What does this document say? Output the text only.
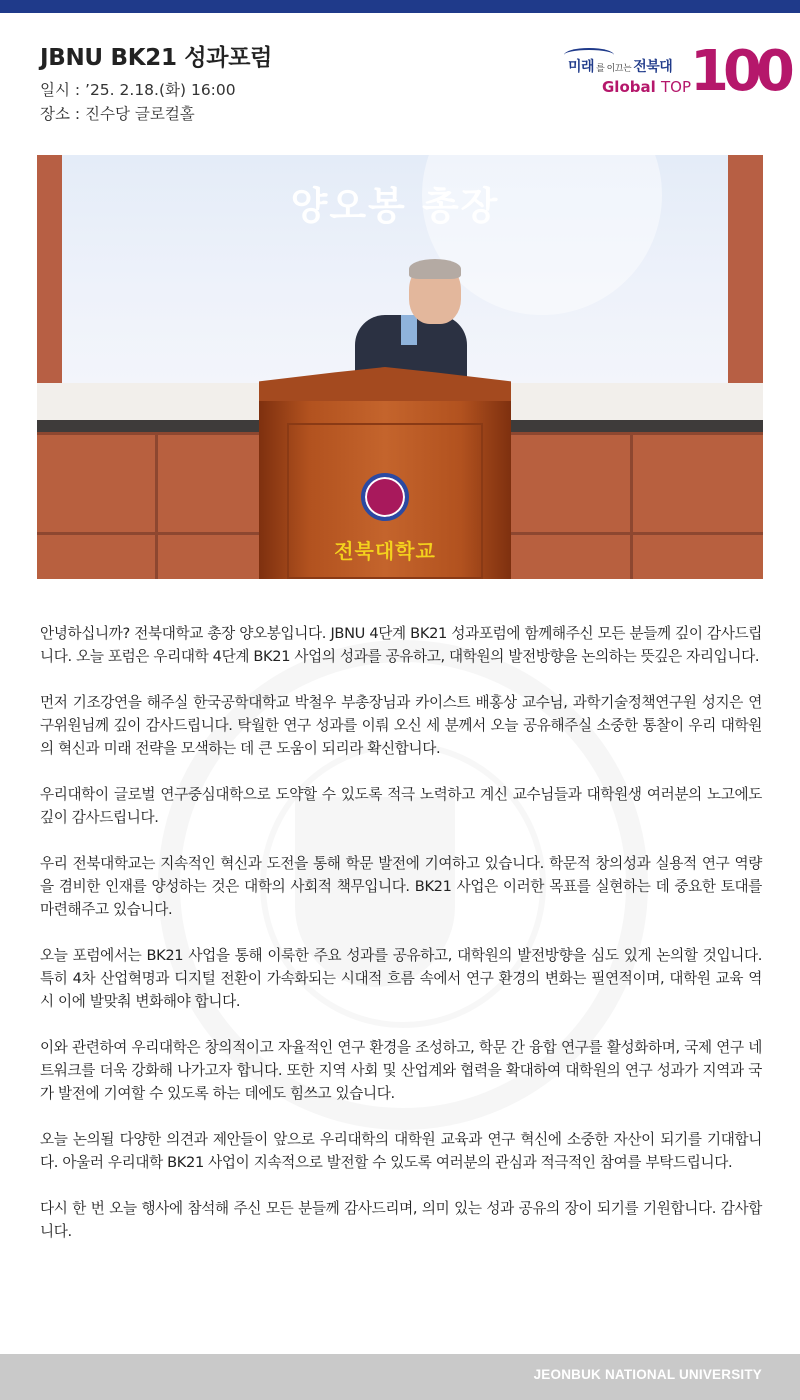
JBNU BK21 성과포럼
일시 : ’25. 2.18.(화) 16:00
장소 : 진수당 글로컬홀
미래 를 이끄는 전북대
Global TOP
100
양오봉 총장
전북대학교

안녕하십니까? 전북대학교 총장 양오봉입니다. JBNU 4단계 BK21 성과포럼에 함께해주신 모든 분들께 깊이 감사드립니다. 오늘 포럼은 우리대학 4단계 BK21 사업의 성과를 공유하고, 대학원의 발전방향을 논의하는 뜻깊은 자리입니다.

먼저 기조강연을 해주실 한국공학대학교 박철우 부총장님과 카이스트 배홍상 교수님, 과학기술정책연구원 성지은 연구위원님께 깊이 감사드립니다. 탁월한 연구 성과를 이뤄 오신 세 분께서 오늘 공유해주실 소중한 통찰이 우리 대학원의 혁신과 미래 전략을 모색하는 데 큰 도움이 되리라 확신합니다.

우리대학이 글로벌 연구중심대학으로 도약할 수 있도록 적극 노력하고 계신 교수님들과 대학원생 여러분의 노고에도 깊이 감사드립니다.

우리 전북대학교는 지속적인 혁신과 도전을 통해 학문 발전에 기여하고 있습니다. 학문적 창의성과 실용적 연구 역량을 겸비한 인재를 양성하는 것은 대학의 사회적 책무입니다. BK21 사업은 이러한 목표를 실현하는 데 중요한 토대를 마련해주고 있습니다.

오늘 포럼에서는 BK21 사업을 통해 이룩한 주요 성과를 공유하고, 대학원의 발전방향을 심도 있게 논의할 것입니다. 특히 4차 산업혁명과 디지털 전환이 가속화되는 시대적 흐름 속에서 연구 환경의 변화는 필연적이며, 대학원 교육 역시 이에 발맞춰 변화해야 합니다.

이와 관련하여 우리대학은 창의적이고 자율적인 연구 환경을 조성하고, 학문 간 융합 연구를 활성화하며, 국제 연구 네트워크를 더욱 강화해 나가고자 합니다. 또한 지역 사회 및 산업계와 협력을 확대하여 대학원의 연구 성과가 지역과 국가 발전에 기여할 수 있도록 하는 데에도 힘쓰고 있습니다.

오늘 논의될 다양한 의견과 제안들이 앞으로 우리대학의 대학원 교육과 연구 혁신에 소중한 자산이 되기를 기대합니다. 아울러 우리대학 BK21 사업이 지속적으로 발전할 수 있도록 여러분의 관심과 적극적인 참여를 부탁드립니다.

다시 한 번 오늘 행사에 참석해 주신 모든 분들께 감사드리며, 의미 있는 성과 공유의 장이 되기를 기원합니다. 감사합니다.

JEONBUK NATIONAL UNIVERSITY
